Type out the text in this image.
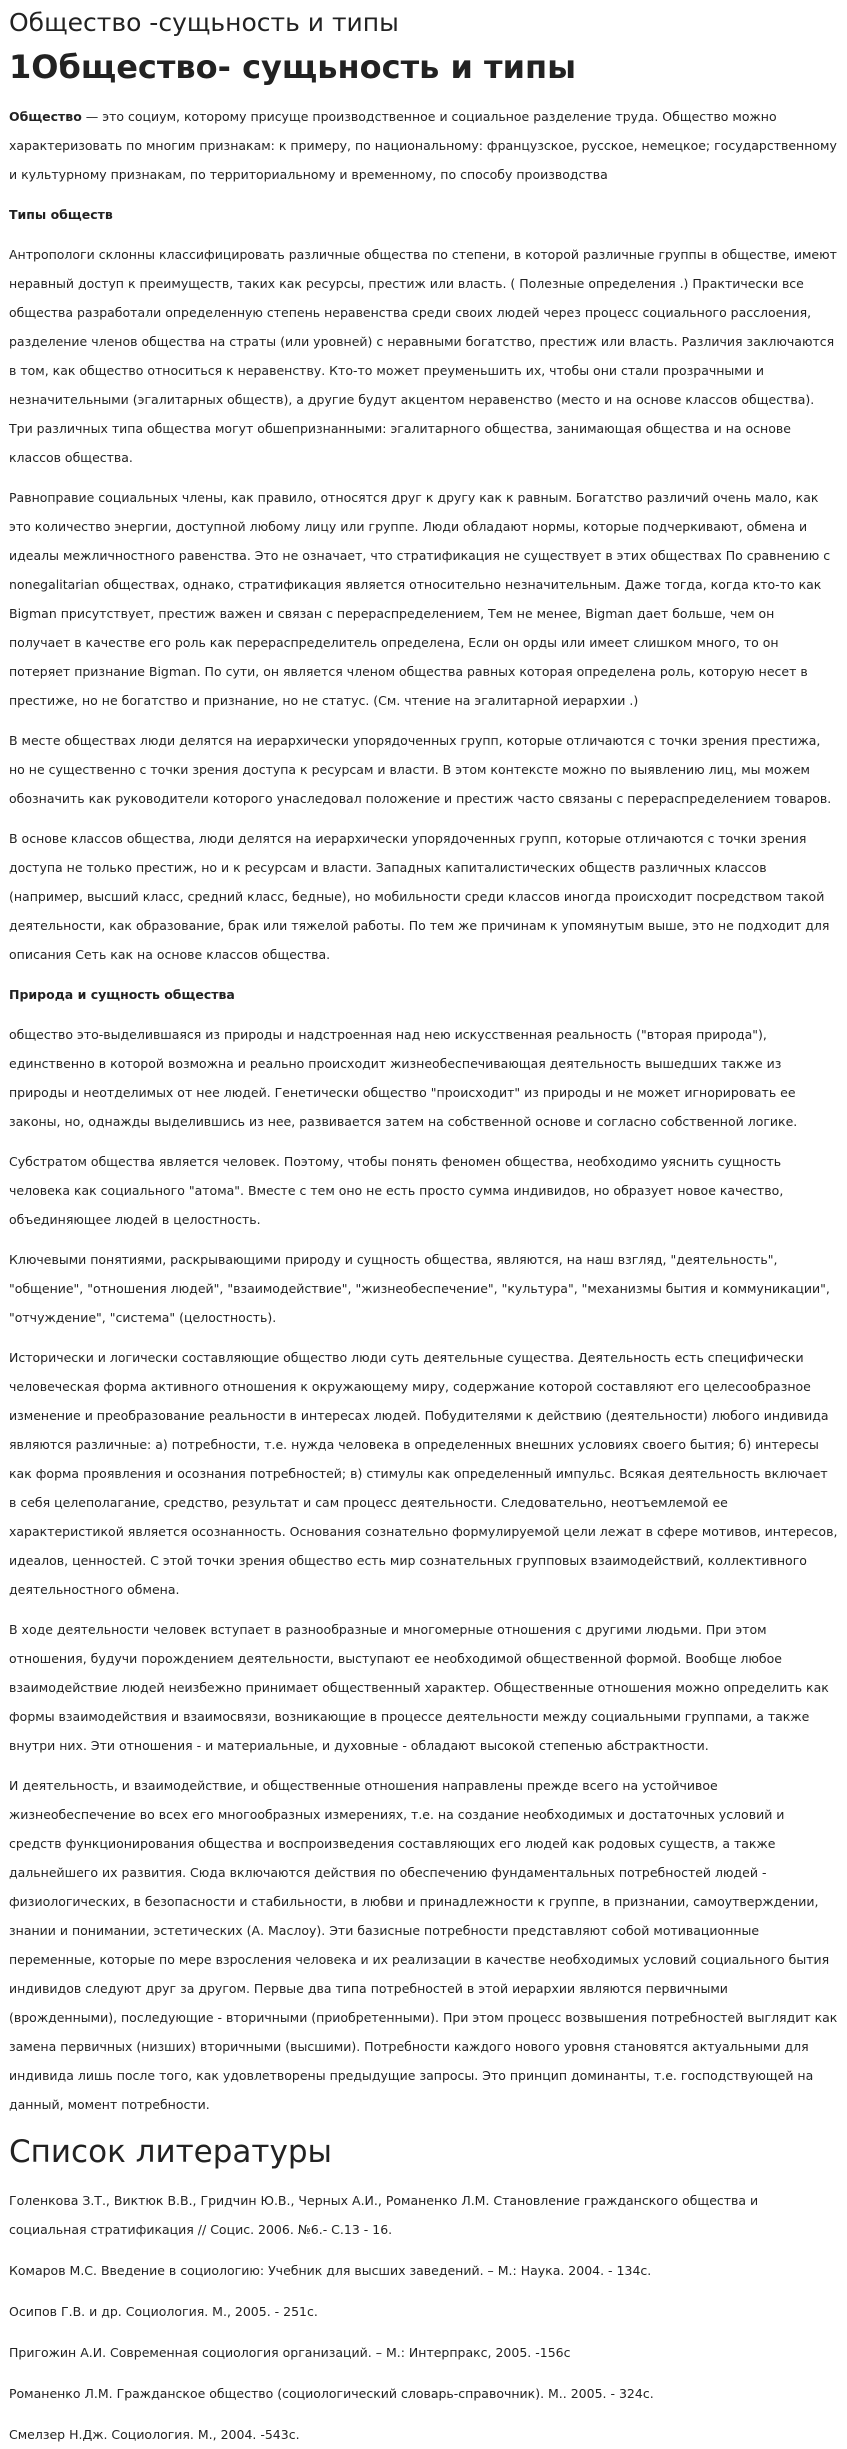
Общество -сущьность и типы
1Общество- сущьность и типы

Общество — это социум, которому присуще производственное и социальное разделение труда. Общество можно характеризовать по многим признакам: к примеру, по национальному: французское, русское, немецкое; государственному и культурному признакам, по территориальному и временному, по способу производства

Типы обществ

Антропологи склонны классифицировать различные общества по степени, в которой различные группы в обществе, имеют неравный доступ к преимуществ, таких как ресурсы, престиж или власть. ( Полезные определения .) Практически все общества разработали определенную степень неравенства среди своих людей через процесс социального расслоения, разделение членов общества на страты (или уровней) с неравными богатство, престиж или власть. Различия заключаются в том, как общество относиться к неравенству. Кто-то может преуменьшить их, чтобы они стали прозрачными и незначительными (эгалитарных обществ), а другие будут акцентом неравенство (место и на основе классов общества). Три различных типа общества могут обшепризнанными: эгалитарного общества, занимающая общества и на основе классов общества.

Равноправие социальных члены, как правило, относятся друг к другу как к равным. Богатство различий очень мало, как это количество энергии, доступной любому лицу или группе. Люди обладают нормы, которые подчеркивают, обмена и идеалы межличностного равенства. Это не означает, что стратификация не существует в этих обществах По сравнению с nonegalitarian обществах, однако, стратификация является относительно незначительным. Даже тогда, когда кто-то как Bigman присутствует, престиж важен и связан с перераспределением, Тем не менее, Bigman дает больше, чем он получает в качестве его роль как перераспределитель определена, Если он орды или имеет слишком много, то он потеряет признание Bigman. По сути, он является членом общества равных которая определена роль, которую несет в престиже, но не богатство и признание, но не статус. (См. чтение на эгалитарной иерархии .)

В месте обществах люди делятся на иерархически упорядоченных групп, которые отличаются с точки зрения престижа, но не существенно с точки зрения доступа к ресурсам и власти. В этом контексте можно по выявлению лиц, мы можем обозначить как руководители которого унаследовал положение и престиж часто связаны с перераспределением товаров.

В основе классов общества, люди делятся на иерархически упорядоченных групп, которые отличаются с точки зрения доступа не только престиж, но и к ресурсам и власти. Западных капиталистических обществ различных классов (например, высший класс, средний класс, бедные), но мобильности среди классов иногда происходит посредством такой деятельности, как образование, брак или тяжелой работы. По тем же причинам к упомянутым выше, это не подходит для описания Сеть как на основе классов общества.

Природа и сущность общества

общество это-выделившаяся из природы и надстроенная над нею искусственная реальность ("вторая природа"), единственно в которой возможна и реально происходит жизнеобеспечивающая деятельность вышедших также из природы и неотделимых от нее людей. Генетически общество "происходит" из природы и не может игнорировать ее законы, но, однажды выделившись из нее, развивается затем на собственной основе и согласно собственной логике.

Субстратом общества является человек. Поэтому, чтобы понять феномен общества, необходимо уяснить сущность человека как социального "атома". Вместе с тем оно не есть просто сумма индивидов, но образует новое качество, объединяющее людей в целостность.

Ключевыми понятиями, раскрывающими природу и сущность общества, являются, на наш взгляд, "деятельность", "общение", "отношения людей", "взаимодействие", "жизнеобеспечение", "культура", "механизмы бытия и коммуникации", "отчуждение", "система" (целостность).

Исторически и логически составляющие общество люди суть деятельные существа. Деятельность есть специфически человеческая форма активного отношения к окружающему миру, содержание которой составляют его целесообразное изменение и преобразование реальности в интересах людей. Побудителями к действию (деятельности) любого индивида являются различные: а) потребности, т.е. нужда человека в определенных внешних условиях своего бытия; б) интересы как форма проявления и осознания потребностей; в) стимулы как определенный импульс. Всякая деятельность включает в себя целеполагание, средство, результат и сам процесс деятельности. Следовательно, неотъемлемой ее характеристикой является осознанность. Основания сознательно формулируемой цели лежат в сфере мотивов, интересов, идеалов, ценностей. С этой точки зрения общество есть мир сознательных групповых взаимодействий, коллективного деятельностного обмена.

В ходе деятельности человек вступает в разнообразные и многомерные отношения с другими людьми. При этом отношения, будучи порождением деятельности, выступают ее необходимой общественной формой. Вообще любое взаимодействие людей неизбежно принимает общественный характер. Общественные отношения можно определить как формы взаимодействия и взаимосвязи, возникающие в процессе деятельности между социальными группами, а также внутри них. Эти отношения - и материальные, и духовные - обладают высокой степенью абстрактности.

И деятельность, и взаимодействие, и общественные отношения направлены прежде всего на устойчивое жизнеобеспечение во всех его многообразных измерениях, т.е. на создание необходимых и достаточных условий и средств функционирования общества и воспроизведения составляющих его людей как родовых существ, а также дальнейшего их развития. Сюда включаются действия по обеспечению фундаментальных потребностей людей - физиологических, в безопасности и стабильности, в любви и принадлежности к группе, в признании, самоутверждении, знании и понимании, эстетических (А. Маслоу). Эти базисные потребности представляют собой мотивационные переменные, которые по мере взросления человека и их реализации в качестве необходимых условий социального бытия индивидов следуют друг за другом. Первые два типа потребностей в этой иерархии являются первичными (врожденными), последующие - вторичными (приобретенными). При этом процесс возвышения потребностей выглядит как замена первичных (низших) вторичными (высшими). Потребности каждого нового уровня становятся актуальными для индивида лишь после того, как удовлетворены предыдущие запросы. Это принцип доминанты, т.е. господствующей на данный, момент потребности.

Список литературы

Голенкова З.Т., Виктюк В.В., Гридчин Ю.В., Черных А.И., Романенко Л.М. Становление гражданского общества и социальная стратификация // Социс. 2006. №6.- С.13 - 16.

Комаров М.С. Введение в социологию: Учебник для высших заведений. – М.: Наука. 2004. - 134с.

Осипов Г.В. и др. Социология. М., 2005. - 251с.

Пригожин А.И. Современная социология организаций. – М.: Интерпракс, 2005. -156с

Романенко Л.М. Гражданское общество (социологический словарь-справочник). М.. 2005. - 324с.

Смелзер Н.Дж. Социология. М., 2004. -543с.
